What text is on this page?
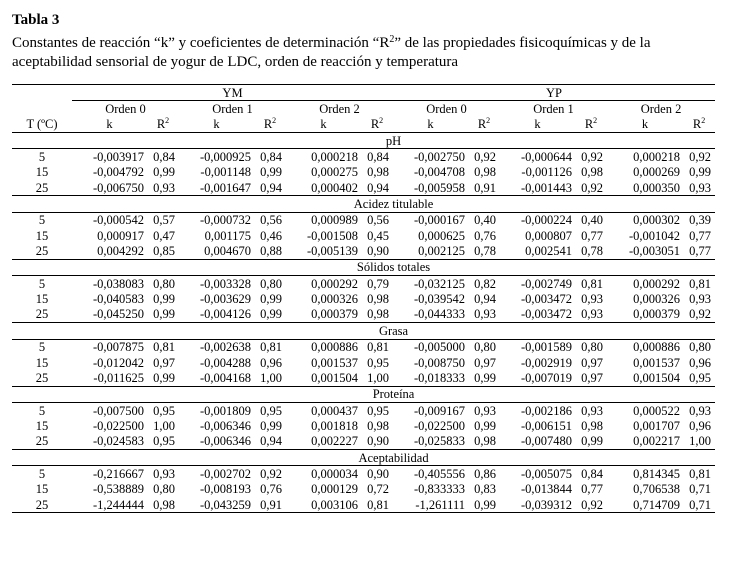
Tabla 3
Constantes de reacción “k” y coeficientes de determinación “$R^2$” de las propiedades fisicoquímicas y de la aceptabilidad sensorial de yogur de LDC, orden de reacción y temperatura
	YM						YP					
	Orden 0		Orden 1		Orden 2		Orden 0		Orden 1		Orden 2	
T (ºC)	k	$R^2$	k	$R^2$	k	$R^2$	k	$R^2$	k	$R^2$	k	$R^2$
	pH											
5	-0,003917	0,84	-0,000925	0,84	0,000218	0,84	-0,002750	0,92	-0,000644	0,92	0,000218	0,92
15	-0,004792	0,99	-0,001148	0,99	0,000275	0,98	-0,004708	0,98	-0,001126	0,98	0,000269	0,99
25	-0,006750	0,93	-0,001647	0,94	0,000402	0,94	-0,005958	0,91	-0,001443	0,92	0,000350	0,93
	Acidez titulable											
5	-0,000542	0,57	-0,000732	0,56	0,000989	0,56	-0,000167	0,40	-0,000224	0,40	0,000302	0,39
15	0,000917	0,47	0,001175	0,46	-0,001508	0,45	0,000625	0,76	0,000807	0,77	-0,001042	0,77
25	0,004292	0,85	0,004670	0,88	-0,005139	0,90	0,002125	0,78	0,002541	0,78	-0,003051	0,77
	Sólidos totales											
5	-0,038083	0,80	-0,003328	0,80	0,000292	0,79	-0,032125	0,82	-0,002749	0,81	0,000292	0,81
15	-0,040583	0,99	-0,003629	0,99	0,000326	0,98	-0,039542	0,94	-0,003472	0,93	0,000326	0,93
25	-0,045250	0,99	-0,004126	0,99	0,000379	0,98	-0,044333	0,93	-0,003472	0,93	0,000379	0,92
	Grasa											
5	-0,007875	0,81	-0,002638	0,81	0,000886	0,81	-0,005000	0,80	-0,001589	0,80	0,000886	0,80
15	-0,012042	0,97	-0,004288	0,96	0,001537	0,95	-0,008750	0,97	-0,002919	0,97	0,001537	0,96
25	-0,011625	0,99	-0,004168	1,00	0,001504	1,00	-0,018333	0,99	-0,007019	0,97	0,001504	0,95
	Proteína											
5	-0,007500	0,95	-0,001809	0,95	0,000437	0,95	-0,009167	0,93	-0,002186	0,93	0,000522	0,93
15	-0,022500	1,00	-0,006346	0,99	0,001818	0,98	-0,022500	0,99	-0,006151	0,98	0,001707	0,96
25	-0,024583	0,95	-0,006346	0,94	0,002227	0,90	-0,025833	0,98	-0,007480	0,99	0,002217	1,00
	Aceptabilidad											
5	-0,216667	0,93	-0,002702	0,92	0,000034	0,90	-0,405556	0,86	-0,005075	0,84	0,814345	0,81
15	-0,538889	0,80	-0,008193	0,76	0,000129	0,72	-0,833333	0,83	-0,013844	0,77	0,706538	0,71
25	-1,244444	0,98	-0,043259	0,91	0,003106	0,81	-1,261111	0,99	-0,039312	0,92	0,714709	0,71
